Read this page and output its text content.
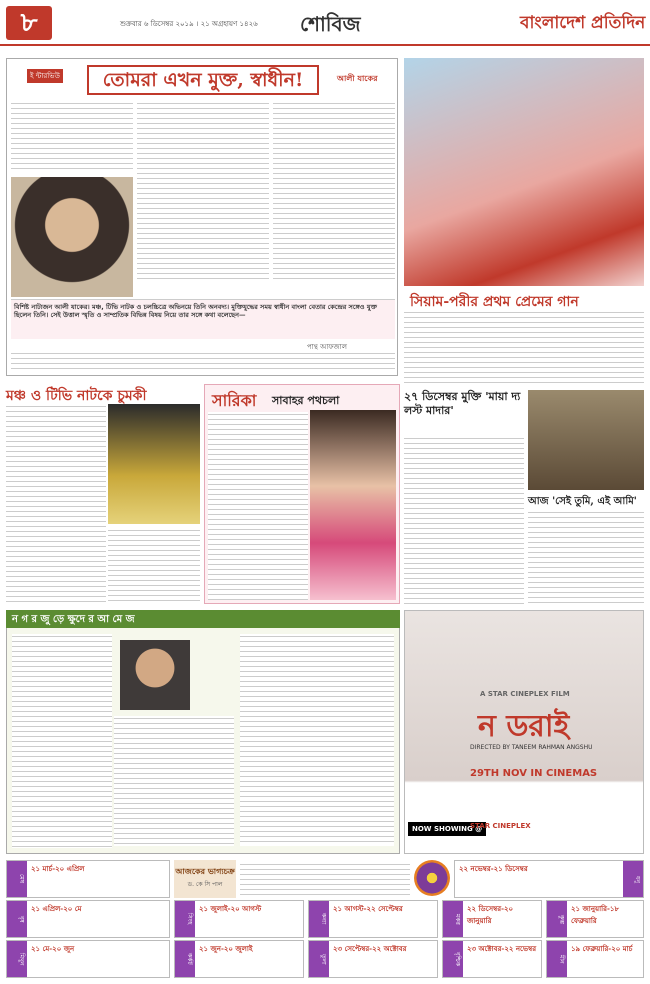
৮	শুক্রবার ৬ ডিসেম্বর ২০১৯ । ২১ অগ্রহায়ণ ১৪২৬	শোবিজ	বাংলাদেশ প্রতিদিন
ই ন্টারভিউ	তোমরা এখন মুক্ত, স্বাধীন!	আলী যাকের
বিশিষ্ট নাট্যজন আলী যাকের। মঞ্চ, টিভি নাটক ও চলচ্চিত্রে অভিনয়ে তিনি অনবদ্য। মুক্তিযুদ্ধের সময় স্বাধীন বাংলা বেতার কেন্দ্রের সঙ্গেও যুক্ত ছিলেন তিনি। সেই উত্তাল স্মৃতি ও সাম্প্রতিক বিভিন্ন বিষয় নিয়ে তার সঙ্গে কথা বলেছেন—
পান্থ আফজাল
সিয়াম-পরীর প্রথম প্রেমের গান
মঞ্চ ও টিভি নাটকে চুমকী	সারিকা সাবাহর পথচলা	২৭ ডিসেম্বর মুক্তি 'মায়া দ্য লস্ট মাদার'
আজ 'সেই তুমি, এই আমি'
ন গ র জু ড়ে ক্ষুদে র আ মে জ
A STAR CINEPLEX FILM
ন ডরাই
DIRECTED BY TANEEM RAHMAN ANGSHU
29TH NOV IN CINEMAS
NOW SHOWING @
STAR CINEPLEX
মেষ
২১ মার্চ-২০ এপ্রিল	আজকের ভাগ্যচক্র
ড. কে সি পাল
ধনু
২২ নভেম্বর-২১ ডিসেম্বর
বৃষ
২১ এপ্রিল-২০ মে
মিথুন
২১ মে-২০ জুন
কর্কট
২১ জুন-২০ জুলাই
সিংহ
২১ জুলাই-২০ আগস্ট
কন্যা
২১ আগস্ট-২২ সেপ্টেম্বর
তুলা
২৩ সেপ্টেম্বর-২২ অক্টোবর
বৃশ্চিক
২৩ অক্টোবর-২২ নভেম্বর
মকর
২২ ডিসেম্বর-২০ জানুয়ারি	কুম্ভ
২১ জানুয়ারি-১৮ ফেব্রুয়ারি
মীন
১৯ ফেব্রুয়ারি-২০ মার্চ
